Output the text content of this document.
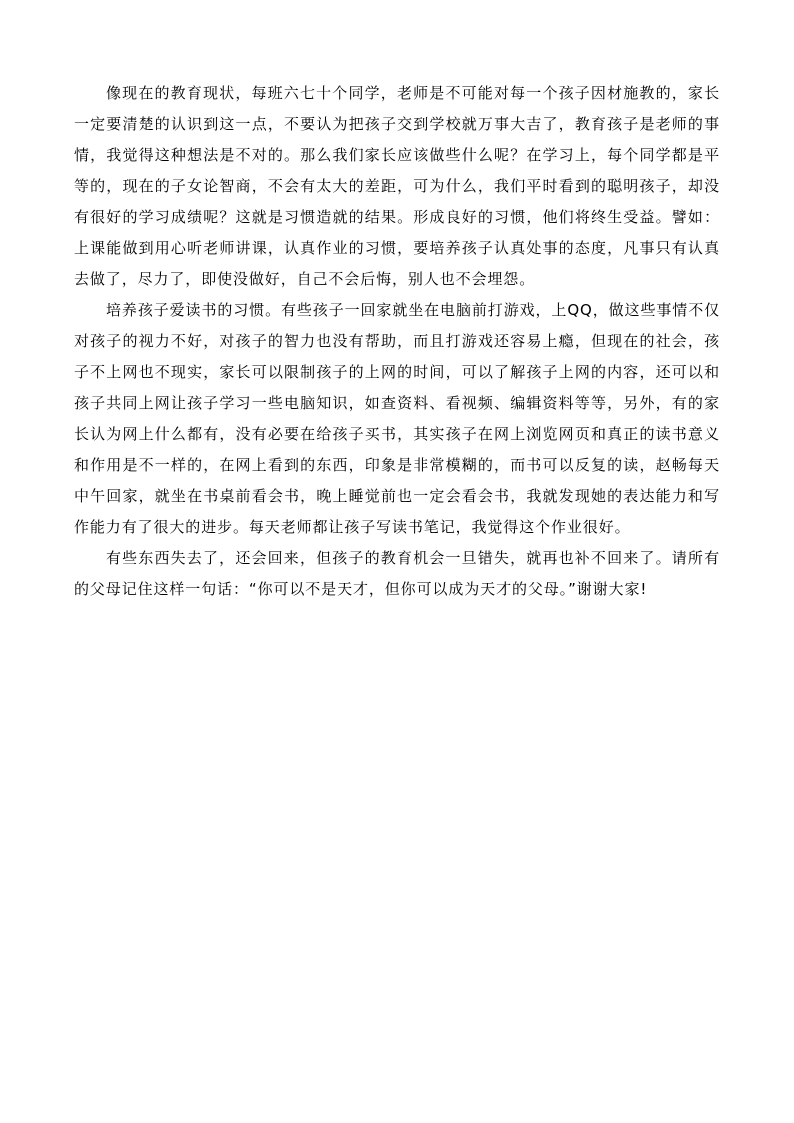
像现在的教育现状，每班六七十个同学，老师是不可能对每一个孩子因材施教的，家长一定要清楚的认识到这一点，不要认为把孩子交到学校就万事大吉了，教育孩子是老师的事情，我觉得这种想法是不对的。那么我们家长应该做些什么呢？在学习上，每个同学都是平等的，现在的子女论智商，不会有太大的差距，可为什么，我们平时看到的聪明孩子，却没有很好的学习成绩呢？这就是习惯造就的结果。形成良好的习惯，他们将终生受益。譬如：上课能做到用心听老师讲课，认真作业的习惯，要培养孩子认真处事的态度，凡事只有认真去做了，尽力了，即使没做好，自己不会后悔，别人也不会埋怨。

培养孩子爱读书的习惯。有些孩子一回家就坐在电脑前打游戏，上QQ，做这些事情不仅对孩子的视力不好，对孩子的智力也没有帮助，而且打游戏还容易上瘾，但现在的社会，孩子不上网也不现实，家长可以限制孩子的上网的时间，可以了解孩子上网的内容，还可以和孩子共同上网让孩子学习一些电脑知识，如查资料、看视频、编辑资料等等，另外，有的家长认为网上什么都有，没有必要在给孩子买书，其实孩子在网上浏览网页和真正的读书意义和作用是不一样的，在网上看到的东西，印象是非常模糊的，而书可以反复的读，赵畅每天中午回家，就坐在书桌前看会书，晚上睡觉前也一定会看会书，我就发现她的表达能力和写作能力有了很大的进步。每天老师都让孩子写读书笔记，我觉得这个作业很好。

有些东西失去了，还会回来，但孩子的教育机会一旦错失，就再也补不回来了。请所有的父母记住这样一句话：“你可以不是天才，但你可以成为天才的父母。”谢谢大家!
